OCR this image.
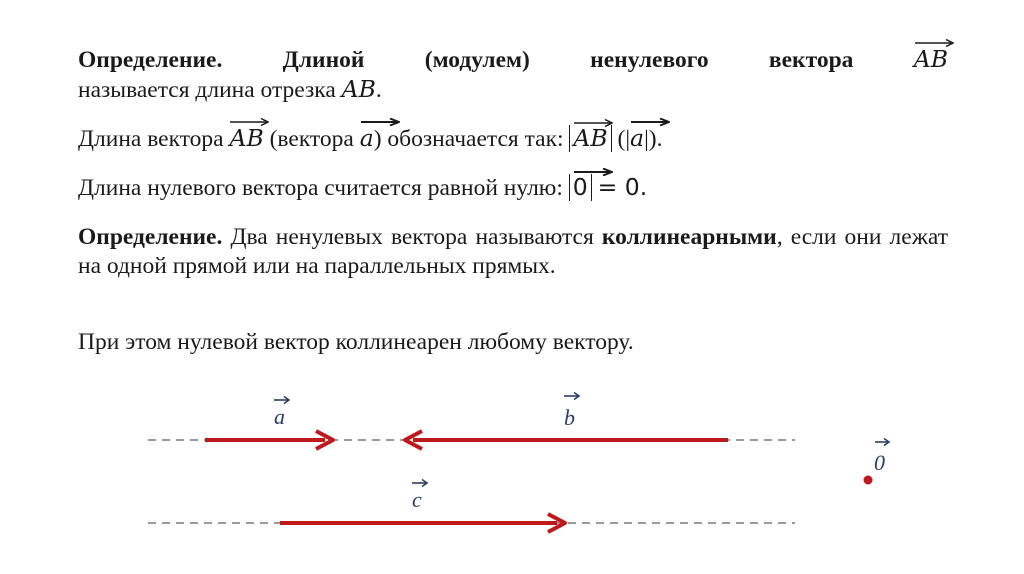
Определение.	Длиной (модулем) ненулевого вектора	AB

называется длина отрезка AB.

Длина вектора AB (вектора a) обозначается так: AB (|
a|).

Длина нулевого вектора считается равной нулю: 0 = 0.

Определение. Два ненулевых вектора называются коллинеарными, если они лежат на одной прямой или на параллельных прямых.

При этом нулевой вектор коллинеарен любому вектору.

a	b
c
0
